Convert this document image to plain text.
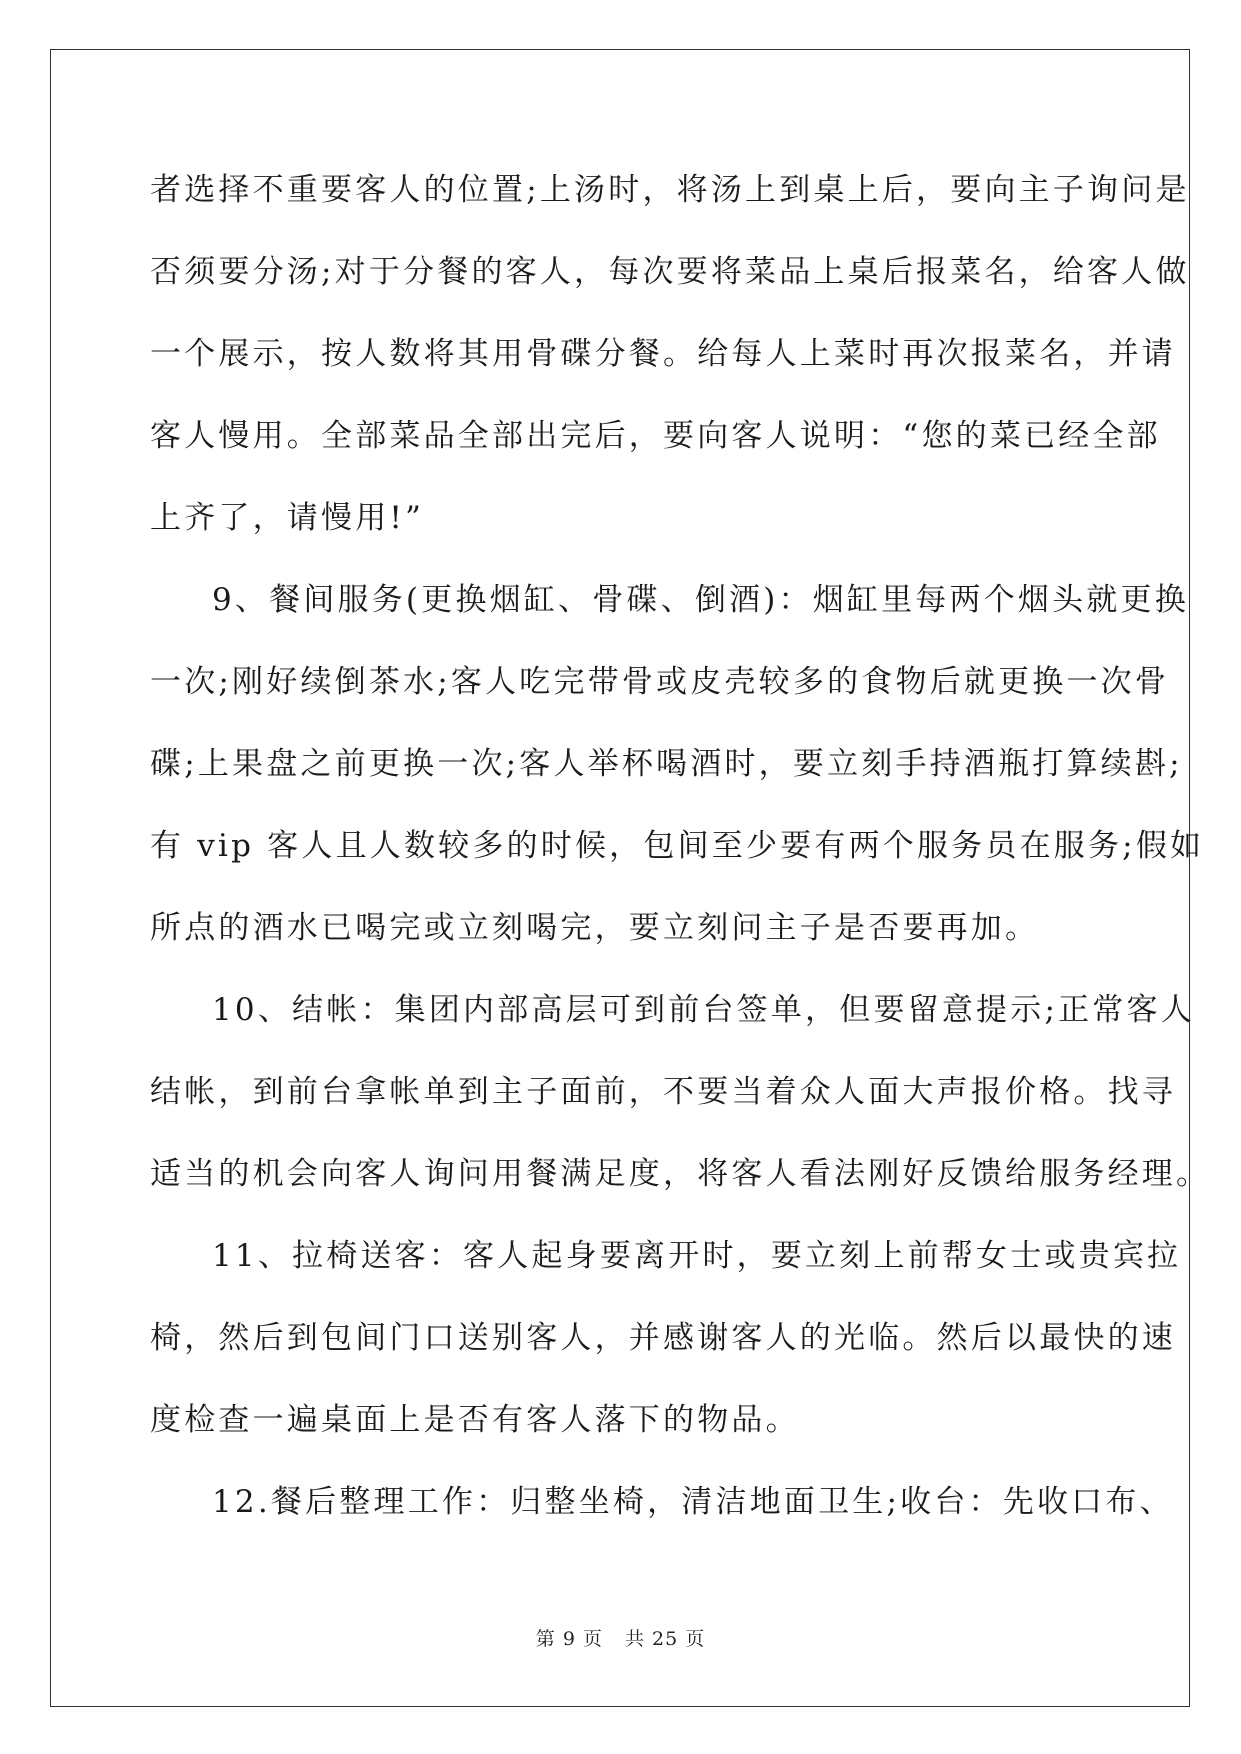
者选择不重要客人的位置;上汤时，将汤上到桌上后，要向主子询问是
否须要分汤;对于分餐的客人，每次要将菜品上桌后报菜名，给客人做
一个展示，按人数将其用骨碟分餐。给每人上菜时再次报菜名，并请
客人慢用。全部菜品全部出完后，要向客人说明：“您的菜已经全部
上齐了，请慢用!”
9、餐间服务(更换烟缸、骨碟、倒酒)：烟缸里每两个烟头就更换
一次;刚好续倒茶水;客人吃完带骨或皮壳较多的食物后就更换一次骨
碟;上果盘之前更换一次;客人举杯喝酒时，要立刻手持酒瓶打算续斟;
有 vip 客人且人数较多的时候，包间至少要有两个服务员在服务;假如
所点的酒水已喝完或立刻喝完，要立刻问主子是否要再加。
10、结帐：集团内部高层可到前台签单，但要留意提示;正常客人
结帐，到前台拿帐单到主子面前，不要当着众人面大声报价格。找寻
适当的机会向客人询问用餐满足度，将客人看法刚好反馈给服务经理。
11、拉椅送客：客人起身要离开时，要立刻上前帮女士或贵宾拉
椅，然后到包间门口送别客人，并感谢客人的光临。然后以最快的速
度检查一遍桌面上是否有客人落下的物品。
12.餐后整理工作：归整坐椅，清洁地面卫生;收台：先收口布、
第 9 页 共 25 页
